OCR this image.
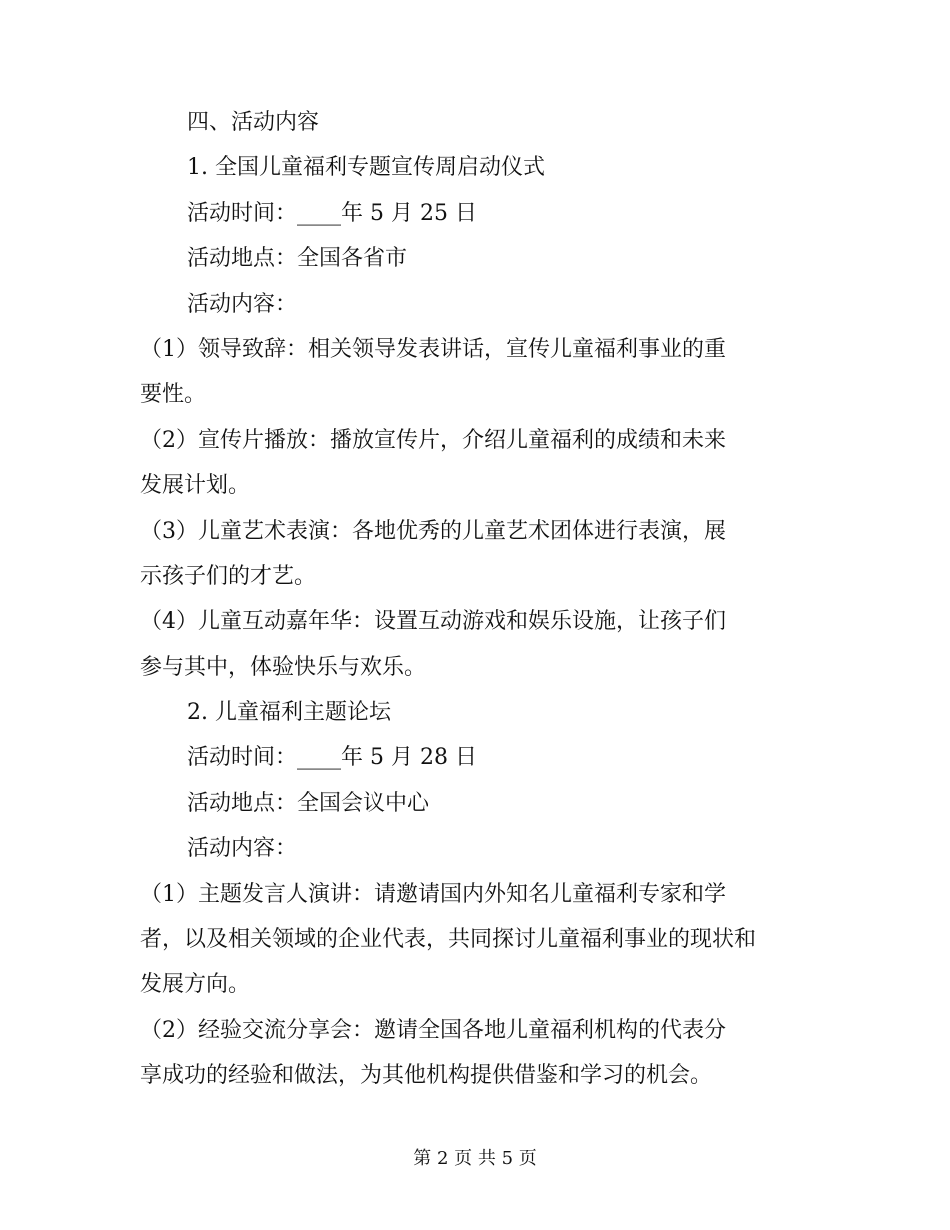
四、活动内容
1. 全国儿童福利专题宣传周启动仪式
活动时间：____年 5 月 25 日
活动地点：全国各省市
活动内容：
（1）领导致辞：相关领导发表讲话，宣传儿童福利事业的重
要性。
（2）宣传片播放：播放宣传片，介绍儿童福利的成绩和未来
发展计划。
（3）儿童艺术表演：各地优秀的儿童艺术团体进行表演，展
示孩子们的才艺。
（4）儿童互动嘉年华：设置互动游戏和娱乐设施，让孩子们
参与其中，体验快乐与欢乐。
2. 儿童福利主题论坛
活动时间：____年 5 月 28 日
活动地点：全国会议中心
活动内容：
（1）主题发言人演讲：请邀请国内外知名儿童福利专家和学
者，以及相关领域的企业代表，共同探讨儿童福利事业的现状和
发展方向。
（2）经验交流分享会：邀请全国各地儿童福利机构的代表分
享成功的经验和做法，为其他机构提供借鉴和学习的机会。
第 2 页 共 5 页
